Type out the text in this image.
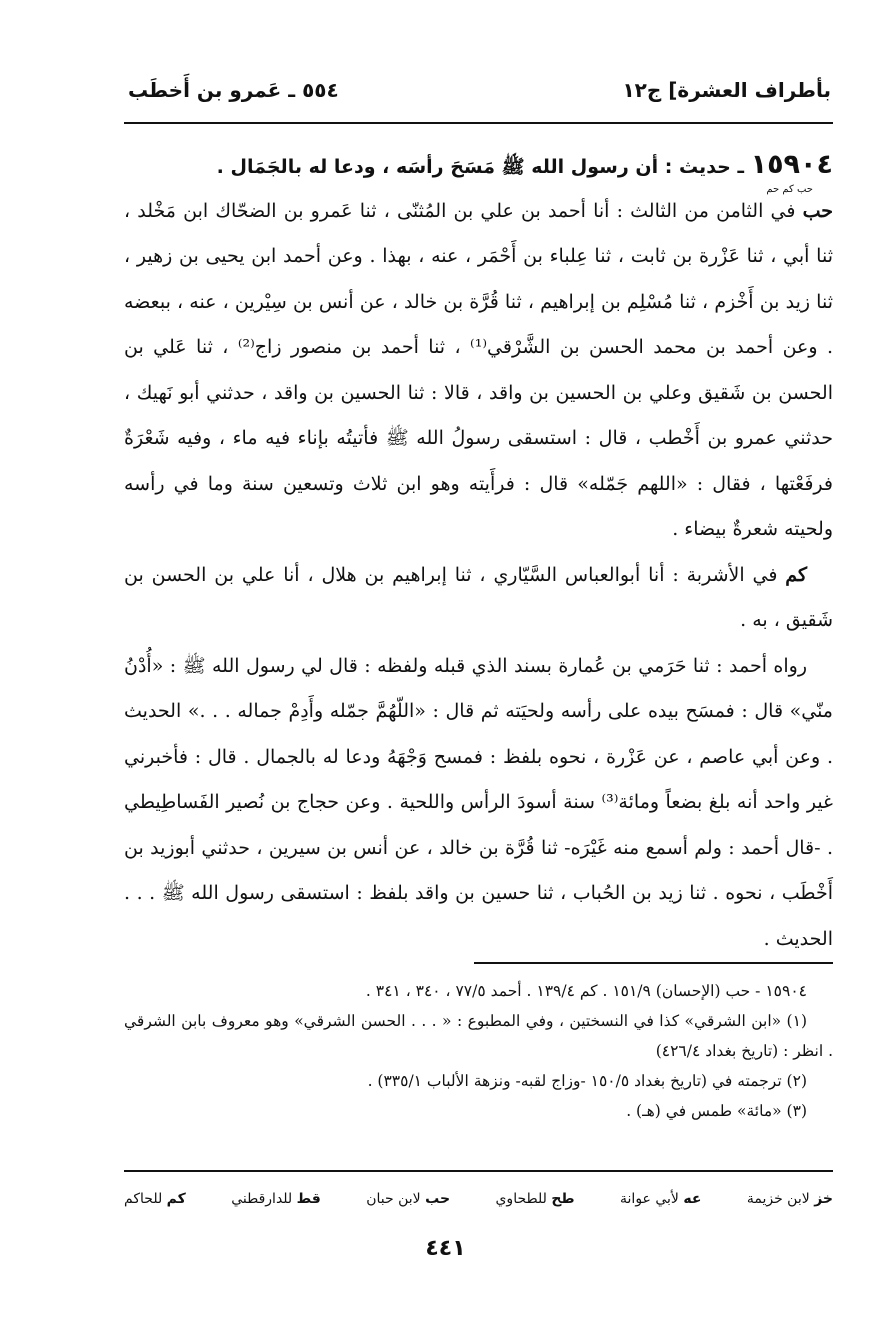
بأطراف العشرة] ج١٢
٥٥٤ ـ عَمرو بن أَخطَب

١٥٩٠٤ ـ حديث : أن رسول الله ﷺ مَسَحَ رأسَه ، ودعا له بالجَمَال .

حب كم حم

حب في الثامن من الثالث : أنا أحمد بن علي بن المُثنّى ، ثنا عَمرو بن الضحّاك ابن مَخْلد ، ثنا أبي ، ثنا عَزْرة بن ثابت ، ثنا عِلباء بن أَحْمَر ، عنه ، بهذا . وعن أحمد ابن يحيى بن زهير ، ثنا زيد بن أَخْزم ، ثنا مُسْلِم بن إبراهيم ، ثنا قُرَّة بن خالد ، عن أنس بن سِيْرين ، عنه ، ببعضه . وعن أحمد بن محمد الحسن بن الشَّرْقي⁽¹⁾ ، ثنا أحمد بن منصور زاج⁽²⁾ ، ثنا عَلي بن الحسن بن شَقيق وعلي بن الحسين بن واقد ، قالا : ثنا الحسين بن واقد ، حدثني أبو نَهيك ، حدثني عمرو بن أَخْطب ، قال : استسقى رسولُ الله ﷺ فأتيتُه بإناء فيه ماء ، وفيه شَعْرَةٌ فرفَعْتها ، فقال : «اللهم جَمّله» قال : فرأَيته وهو ابن ثلاث وتسعين سنة وما في رأسه ولحيته شعرةٌ بيضاء .

كم في الأشربة : أنا أبوالعباس السَّيّاري ، ثنا إبراهيم بن هلال ، أنا علي بن الحسن بن شَقيق ، به .

رواه أحمد : ثنا حَرَمي بن عُمارة بسند الذي قبله ولفظه : قال لي رسول الله ﷺ : «أُدْنُ منّي» قال : فمسَح بيده على رأسه ولحيَته ثم قال : «اللّهُمَّ جمّله وأَدِمْ جماله . . .» الحديث . وعن أبي عاصم ، عن عَزْرة ، نحوه بلفظ : فمسح وَجْهَهُ ودعا له بالجمال . قال : فأخبرني غير واحد أنه بلغ بضعاً ومائة⁽³⁾ سنة أسودَ الرأس واللحية . وعن حجاج بن نُصير الفَساطِيطي . -قال أحمد : ولم أسمع منه غَيْرَه- ثنا قُرَّة بن خالد ، عن أنس بن سيرين ، حدثني أبوزيد بن أَخْطَب ، نحوه . ثنا زيد بن الحُباب ، ثنا حسين بن واقد بلفظ : استسقى رسول الله ﷺ . . . الحديث .

١٥٩٠٤ - حب (الإحسان) ١٥١/٩ . كم ١٣٩/٤ . أحمد ٧٧/٥ ، ٣٤٠ ، ٣٤١ .

(١) «ابن الشرقي» كذا في النسختين ، وفي المطبوع : « . . . الحسن الشرقي» وهو معروف بابن الشرقي . انظر : (تاريخ بغداد ٤٢٦/٤)

(٢) ترجمته في (تاريخ بغداد ١٥٠/٥ -وزاج لقبه- ونزهة الألباب ٣٣٥/١) .

(٣) «مائة» طمس في (هـ) .

خز لابن خزيمة
عه لأبي عوانة
طح للطحاوي
حب لابن حبان
قط للدارقطني
كم للحاكم
٤٤١
